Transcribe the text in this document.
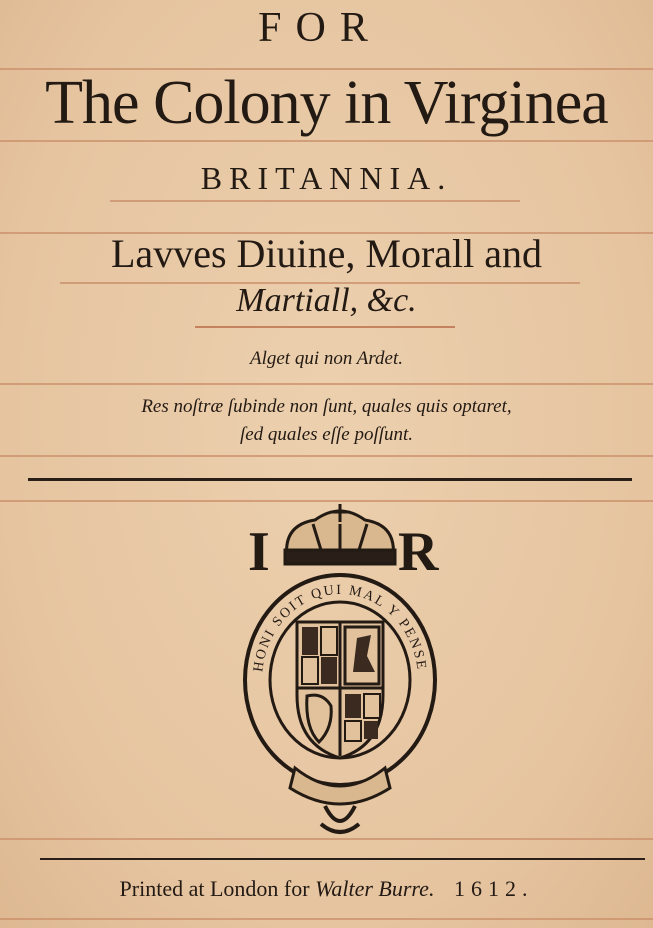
FOR
The Colony in Virginea
BRITANNIA.
Lavves Diuine, Morall and
Martiall, &c.
Alget qui non Ardet.
Res noſtræ ſubinde non ſunt, quales quis optaret,
ſed quales eſſe poſſunt.
HONI SOIT QUI MAL Y PENSE
I R
Printed at London for Walter Burre. 1612.
